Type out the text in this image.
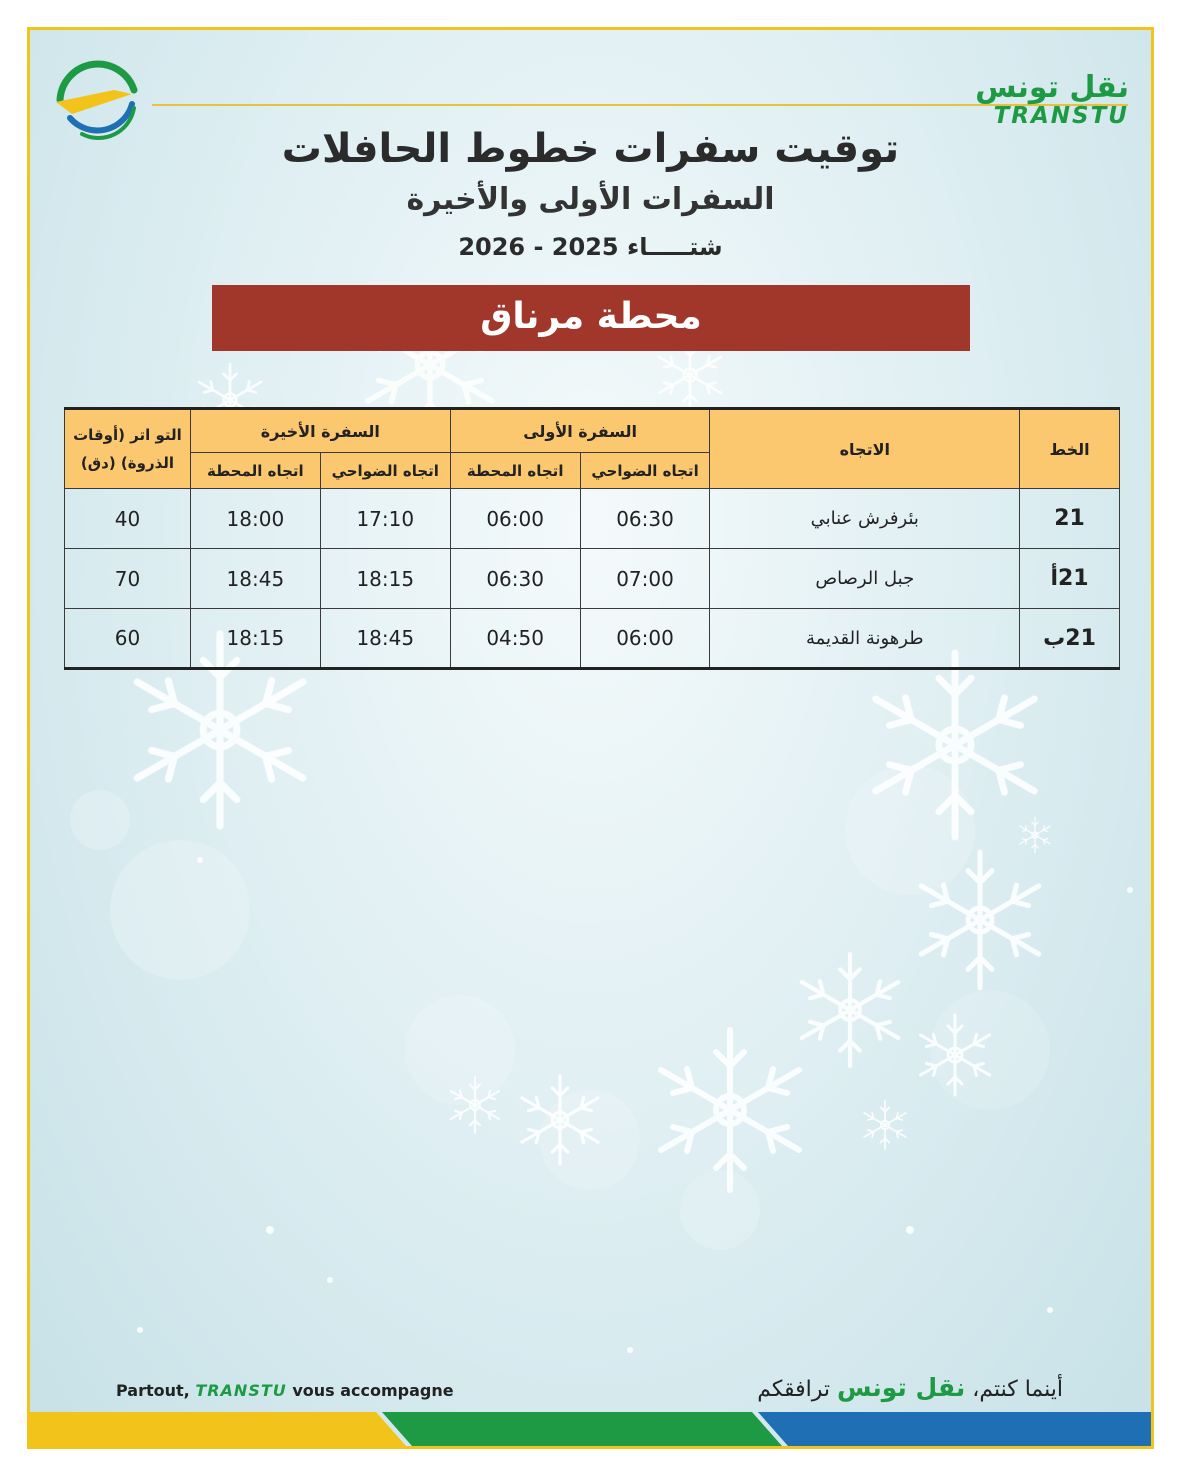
نقل تونس
TRANSTU
توقيت سفرات خطوط الحافلات
السفرات الأولى والأخيرة
شتـــــاء 2025 - 2026
محطة مرناق
الخط	الاتجاه	السفرة الأولى		السفرة الأخيرة		التو اتر (أوقات
الذروة) (دق)

		اتجاه الضواحي	اتجاه المحطة	اتجاه الضواحي	اتجاه المحطة	
21	بئرفرش عنابي	06:30	06:00	17:10	18:00	40
21أ	جبل الرصاص	07:00	06:30	18:15	18:45	70
21ب	طرهونة القديمة	06:00	04:50	18:45	18:15	60
Partout, TRANSTU vous accompagne	أينما كنتم، نقل تونس ترافقكم
